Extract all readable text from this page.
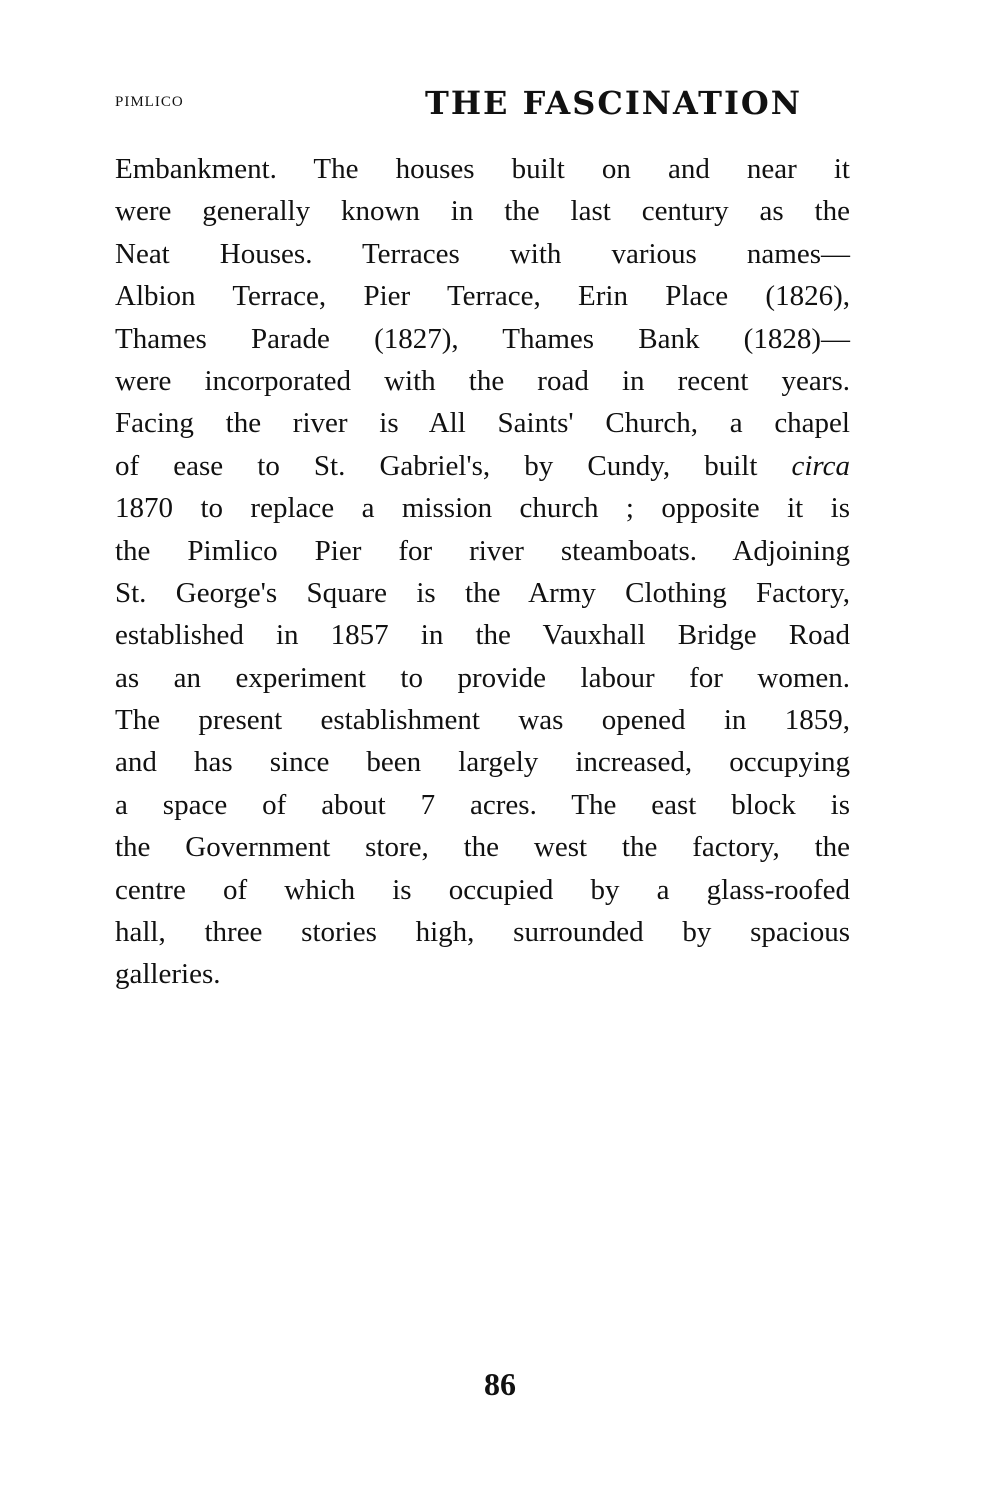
PIMLICO	THE FASCINATION
Embankment. The houses built on and near it
were generally known in the last century as the
Neat Houses. Terraces with various names—
Albion Terrace, Pier Terrace, Erin Place (1826),
Thames Parade (1827), Thames Bank (1828)—
were incorporated with the road in recent years.
Facing the river is All Saints' Church, a chapel
of ease to St. Gabriel's, by Cundy, built circa
1870 to replace a mission church ; opposite it is
the Pimlico Pier for river steamboats. Adjoining
St. George's Square is the Army Clothing Factory,
established in 1857 in the Vauxhall Bridge Road
as an experiment to provide labour for women.
The present establishment was opened in 1859,
and has since been largely increased, occupying
a space of about 7 acres. The east block is
the Government store, the west the factory, the
centre of which is occupied by a glass-roofed
hall, three stories high, surrounded by spacious
galleries.
86
